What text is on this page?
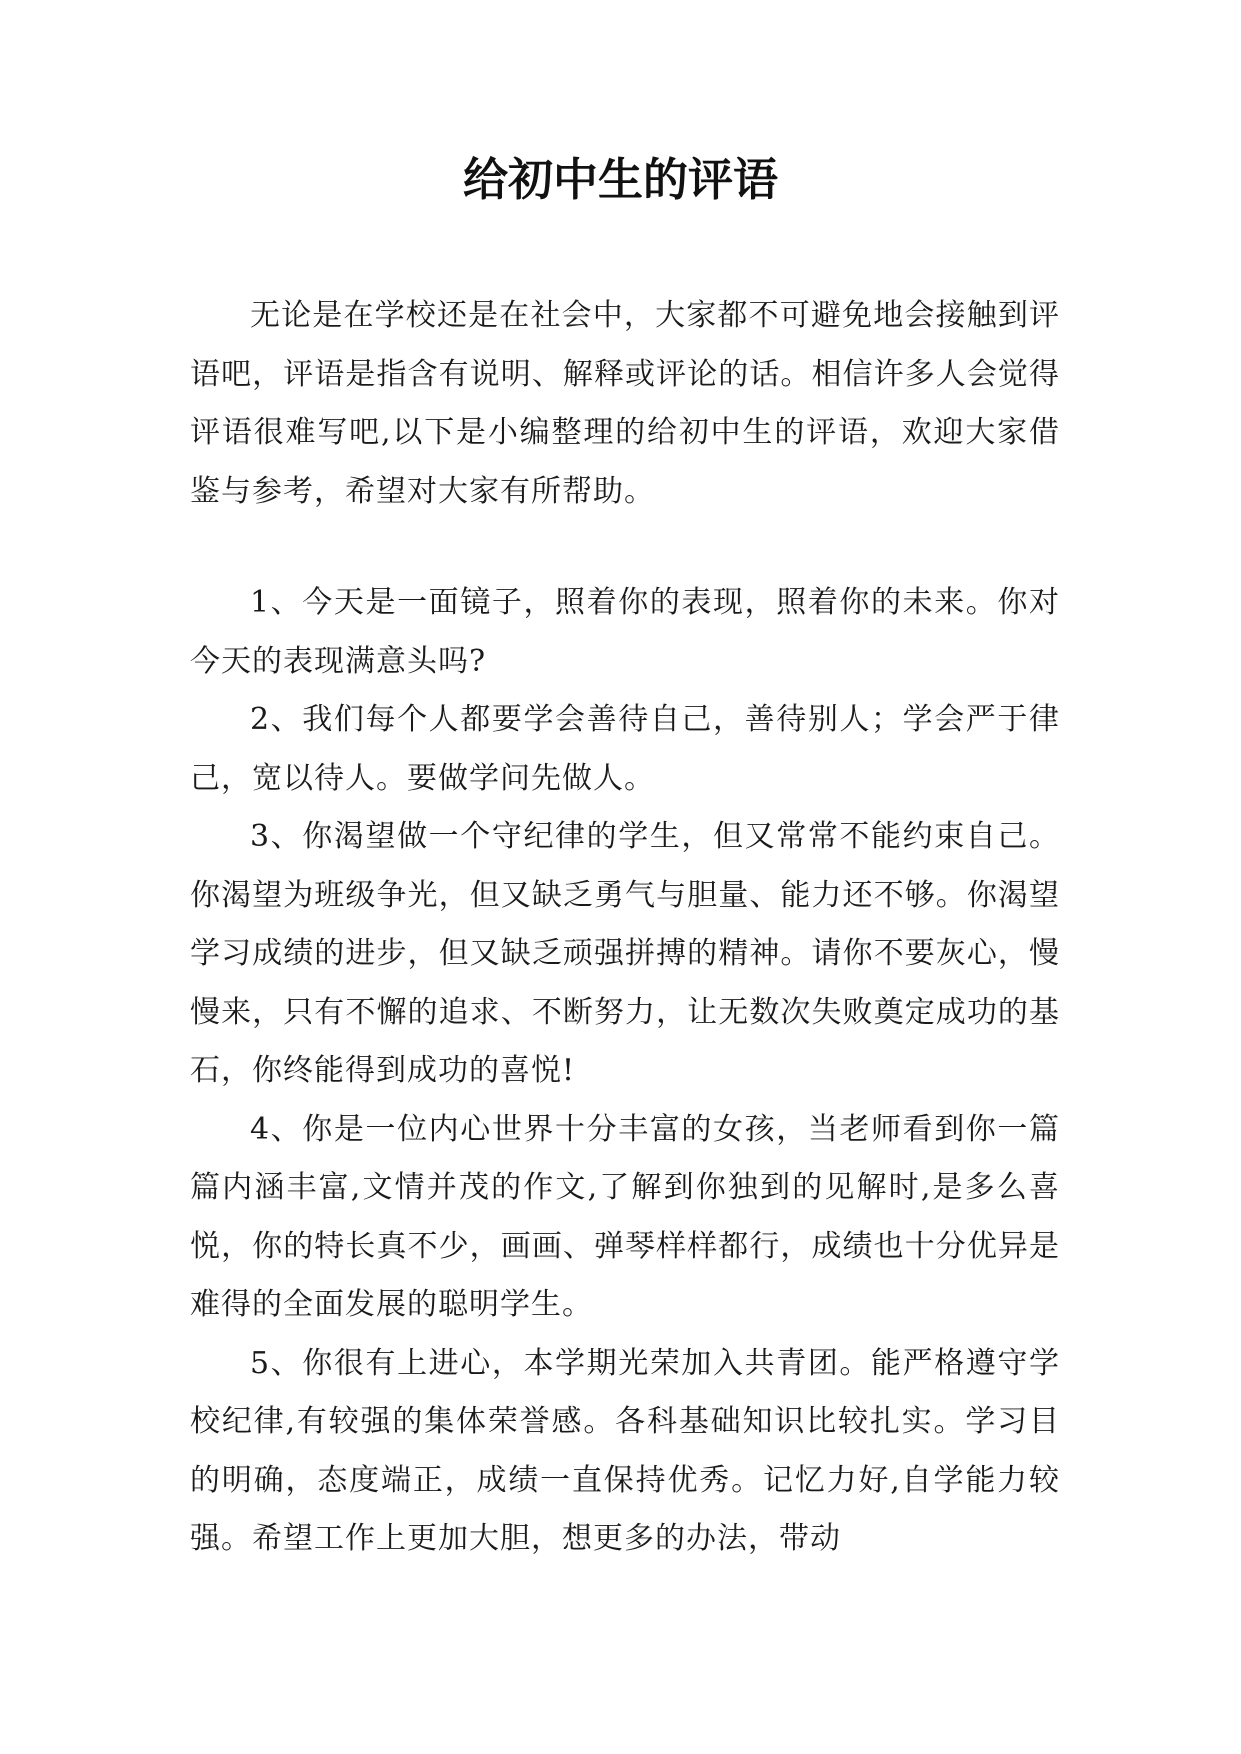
给初中生的评语

无论是在学校还是在社会中，大家都不可避免地会接触到评语吧，评语是指含有说明、解释或评论的话。相信许多人会觉得评语很难写吧,以下是小编整理的给初中生的评语，欢迎大家借鉴与参考，希望对大家有所帮助。

1、今天是一面镜子，照着你的表现，照着你的未来。你对今天的表现满意头吗?

2、我们每个人都要学会善待自己，善待别人；学会严于律己，宽以待人。要做学问先做人。

3、你渴望做一个守纪律的学生，但又常常不能约束自己。你渴望为班级争光，但又缺乏勇气与胆量、能力还不够。你渴望学习成绩的进步，但又缺乏顽强拼搏的精神。请你不要灰心，慢慢来，只有不懈的追求、不断努力，让无数次失败奠定成功的基石，你终能得到成功的喜悦!

4、你是一位内心世界十分丰富的女孩，当老师看到你一篇篇内涵丰富,文情并茂的作文,了解到你独到的见解时,是多么喜悦，你的特长真不少，画画、弹琴样样都行，成绩也十分优异是难得的全面发展的聪明学生。

5、你很有上进心，本学期光荣加入共青团。能严格遵守学校纪律,有较强的集体荣誉感。各科基础知识比较扎实。学习目的明确，态度端正，成绩一直保持优秀。记忆力好,自学能力较强。希望工作上更加大胆，想更多的办法，带动
